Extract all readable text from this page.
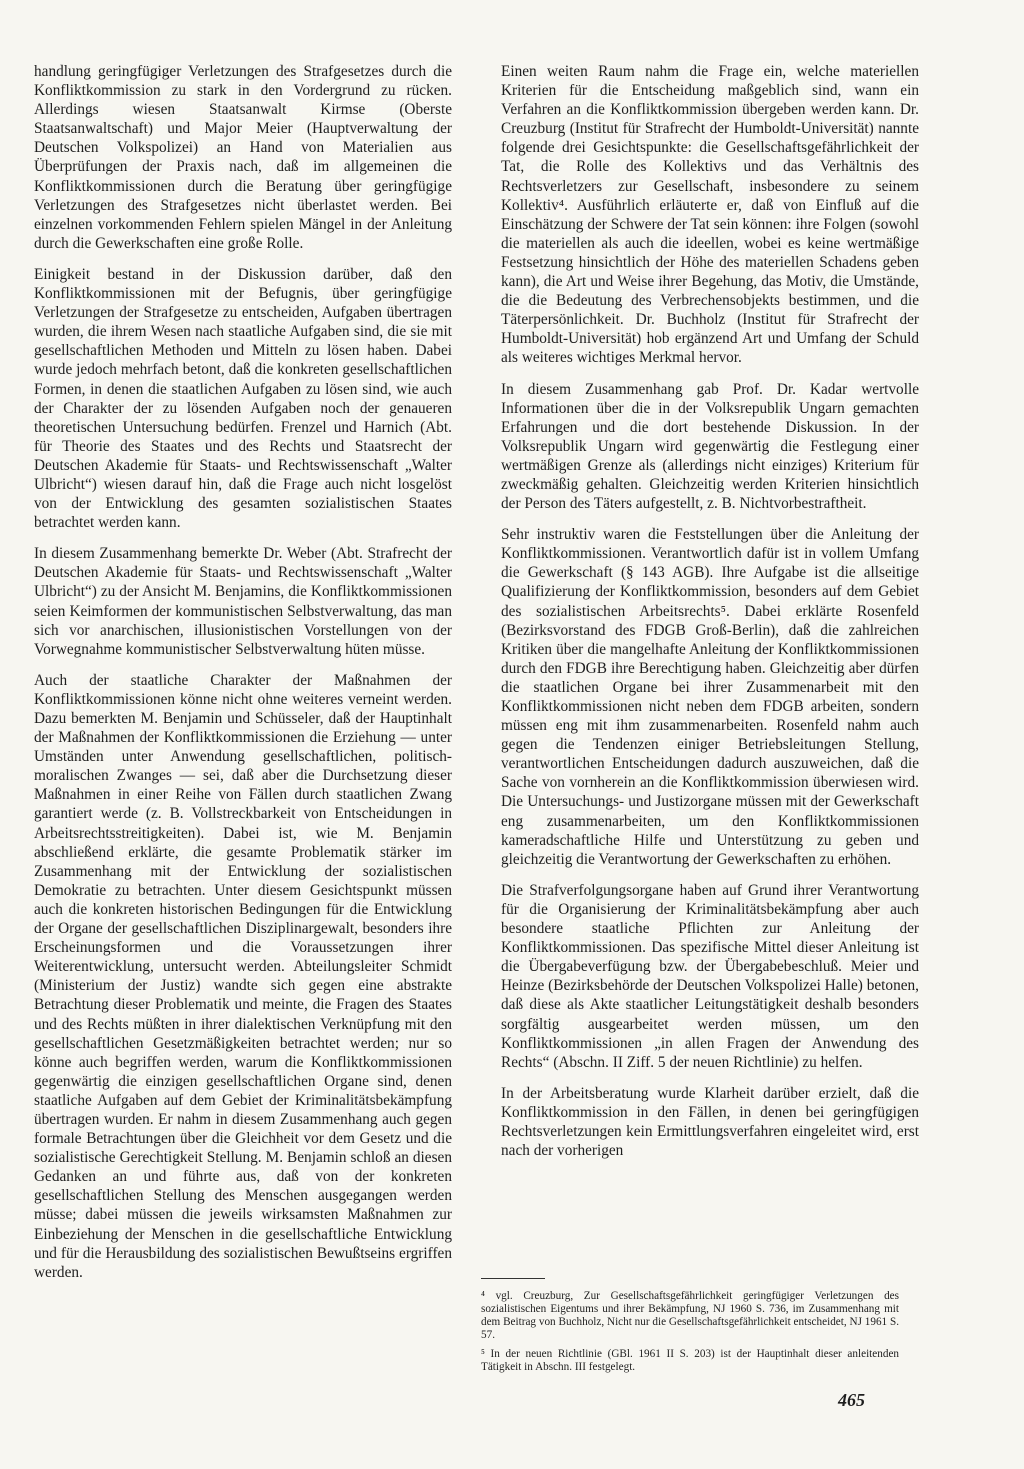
handlung geringfügiger Verletzungen des Strafgesetzes durch die Konfliktkommission zu stark in den Vordergrund zu rücken. Allerdings wiesen Staatsanwalt Kirmse (Oberste Staatsanwaltschaft) und Major Meier (Hauptverwaltung der Deutschen Volkspolizei) an Hand von Materialien aus Überprüfungen der Praxis nach, daß im allgemeinen die Konfliktkommissionen durch die Beratung über geringfügige Verletzungen des Strafgesetzes nicht überlastet werden. Bei einzelnen vorkommenden Fehlern spielen Mängel in der Anleitung durch die Gewerkschaften eine große Rolle.

Einigkeit bestand in der Diskussion darüber, daß den Konfliktkommissionen mit der Befugnis, über geringfügige Verletzungen der Strafgesetze zu entscheiden, Aufgaben übertragen wurden, die ihrem Wesen nach staatliche Aufgaben sind, die sie mit gesellschaftlichen Methoden und Mitteln zu lösen haben. Dabei wurde jedoch mehrfach betont, daß die konkreten gesellschaftlichen Formen, in denen die staatlichen Aufgaben zu lösen sind, wie auch der Charakter der zu lösenden Aufgaben noch der genaueren theoretischen Untersuchung bedürfen. Frenzel und Harnich (Abt. für Theorie des Staates und des Rechts und Staatsrecht der Deutschen Akademie für Staats- und Rechtswissenschaft „Walter Ulbricht“) wiesen darauf hin, daß die Frage auch nicht losgelöst von der Entwicklung des gesamten sozialistischen Staates betrachtet werden kann.

In diesem Zusammenhang bemerkte Dr. Weber (Abt. Strafrecht der Deutschen Akademie für Staats- und Rechtswissenschaft „Walter Ulbricht“) zu der Ansicht M. Benjamins, die Konfliktkommissionen seien Keimformen der kommunistischen Selbstverwaltung, das man sich vor anarchischen, illusionistischen Vorstellungen von der Vorwegnahme kommunistischer Selbstverwaltung hüten müsse.

Auch der staatliche Charakter der Maßnahmen der Konfliktkommissionen könne nicht ohne weiteres verneint werden. Dazu bemerkten M. Benjamin und Schüsseler, daß der Hauptinhalt der Maßnahmen der Konfliktkommissionen die Erziehung — unter Umständen unter Anwendung gesellschaftlichen, politisch-moralischen Zwanges — sei, daß aber die Durchsetzung dieser Maßnahmen in einer Reihe von Fällen durch staatlichen Zwang garantiert werde (z. B. Vollstreckbarkeit von Entscheidungen in Arbeitsrechtsstreitigkeiten). Dabei ist, wie M. Benjamin abschließend erklärte, die gesamte Problematik stärker im Zusammenhang mit der Entwicklung der sozialistischen Demokratie zu betrachten. Unter diesem Gesichtspunkt müssen auch die konkreten historischen Bedingungen für die Entwicklung der Organe der gesellschaftlichen Disziplinargewalt, besonders ihre Erscheinungsformen und die Voraussetzungen ihrer Weiterentwicklung, untersucht werden. Abteilungsleiter Schmidt (Ministerium der Justiz) wandte sich gegen eine abstrakte Betrachtung dieser Problematik und meinte, die Fragen des Staates und des Rechts müßten in ihrer dialektischen Verknüpfung mit den gesellschaftlichen Gesetzmäßigkeiten betrachtet werden; nur so könne auch begriffen werden, warum die Konfliktkommissionen gegenwärtig die einzigen gesellschaftlichen Organe sind, denen staatliche Aufgaben auf dem Gebiet der Kriminalitätsbekämpfung übertragen wurden. Er nahm in diesem Zusammenhang auch gegen formale Betrachtungen über die Gleichheit vor dem Gesetz und die sozialistische Gerechtigkeit Stellung. M. Benjamin schloß an diesen Gedanken an und führte aus, daß von der konkreten gesellschaftlichen Stellung des Menschen ausgegangen werden müsse; dabei müssen die jeweils wirksamsten Maßnahmen zur Einbeziehung der Menschen in die gesellschaftliche Entwicklung und für die Herausbildung des sozialistischen Bewußtseins ergriffen werden.

Einen weiten Raum nahm die Frage ein, welche materiellen Kriterien für die Entscheidung maßgeblich sind, wann ein Verfahren an die Konfliktkommission übergeben werden kann. Dr. Creuzburg (Institut für Strafrecht der Humboldt-Universität) nannte folgende drei Gesichtspunkte: die Gesellschaftsgefährlichkeit der Tat, die Rolle des Kollektivs und das Verhältnis des Rechtsverletzers zur Gesellschaft, insbesondere zu seinem Kollektiv⁴. Ausführlich erläuterte er, daß von Einfluß auf die Einschätzung der Schwere der Tat sein können: ihre Folgen (sowohl die materiellen als auch die ideellen, wobei es keine wertmäßige Festsetzung hinsichtlich der Höhe des materiellen Schadens geben kann), die Art und Weise ihrer Begehung, das Motiv, die Umstände, die die Bedeutung des Verbrechensobjekts bestimmen, und die Täterpersönlichkeit. Dr. Buchholz (Institut für Strafrecht der Humboldt-Universität) hob ergänzend Art und Umfang der Schuld als weiteres wichtiges Merkmal hervor.

In diesem Zusammenhang gab Prof. Dr. Kadar wertvolle Informationen über die in der Volksrepublik Ungarn gemachten Erfahrungen und die dort bestehende Diskussion. In der Volksrepublik Ungarn wird gegenwärtig die Festlegung einer wertmäßigen Grenze als (allerdings nicht einziges) Kriterium für zweckmäßig gehalten. Gleichzeitig werden Kriterien hinsichtlich der Person des Täters aufgestellt, z. B. Nichtvorbestraftheit.

Sehr instruktiv waren die Feststellungen über die Anleitung der Konfliktkommissionen. Verantwortlich dafür ist in vollem Umfang die Gewerkschaft (§ 143 AGB). Ihre Aufgabe ist die allseitige Qualifizierung der Konfliktkommission, besonders auf dem Gebiet des sozialistischen Arbeitsrechts⁵. Dabei erklärte Rosenfeld (Bezirksvorstand des FDGB Groß-Berlin), daß die zahlreichen Kritiken über die mangelhafte Anleitung der Konfliktkommissionen durch den FDGB ihre Berechtigung haben. Gleichzeitig aber dürfen die staatlichen Organe bei ihrer Zusammenarbeit mit den Konfliktkommissionen nicht neben dem FDGB arbeiten, sondern müssen eng mit ihm zusammenarbeiten. Rosenfeld nahm auch gegen die Tendenzen einiger Betriebsleitungen Stellung, verantwortlichen Entscheidungen dadurch auszuweichen, daß die Sache von vornherein an die Konfliktkommission überwiesen wird. Die Untersuchungs- und Justizorgane müssen mit der Gewerkschaft eng zusammenarbeiten, um den Konfliktkommissionen kameradschaftliche Hilfe und Unterstützung zu geben und gleichzeitig die Verantwortung der Gewerkschaften zu erhöhen.

Die Strafverfolgungsorgane haben auf Grund ihrer Verantwortung für die Organisierung der Kriminalitätsbekämpfung aber auch besondere staatliche Pflichten zur Anleitung der Konfliktkommissionen. Das spezifische Mittel dieser Anleitung ist die Übergabeverfügung bzw. der Übergabebeschluß. Meier und Heinze (Bezirksbehörde der Deutschen Volkspolizei Halle) betonen, daß diese als Akte staatlicher Leitungstätigkeit deshalb besonders sorgfältig ausgearbeitet werden müssen, um den Konfliktkommissionen „in allen Fragen der Anwendung des Rechts“ (Abschn. II Ziff. 5 der neuen Richtlinie) zu helfen.

In der Arbeitsberatung wurde Klarheit darüber erzielt, daß die Konfliktkommission in den Fällen, in denen bei geringfügigen Rechtsverletzungen kein Ermittlungsverfahren eingeleitet wird, erst nach der vorherigen

⁴ vgl. Creuzburg, Zur Gesellschaftsgefährlichkeit geringfügiger Verletzungen des sozialistischen Eigentums und ihrer Bekämpfung, NJ 1960 S. 736, im Zusammenhang mit dem Beitrag von Buchholz, Nicht nur die Gesellschaftsgefährlichkeit entscheidet, NJ 1961 S. 57.

⁵ In der neuen Richtlinie (GBl. 1961 II S. 203) ist der Hauptinhalt dieser anleitenden Tätigkeit in Abschn. III festgelegt.

465
